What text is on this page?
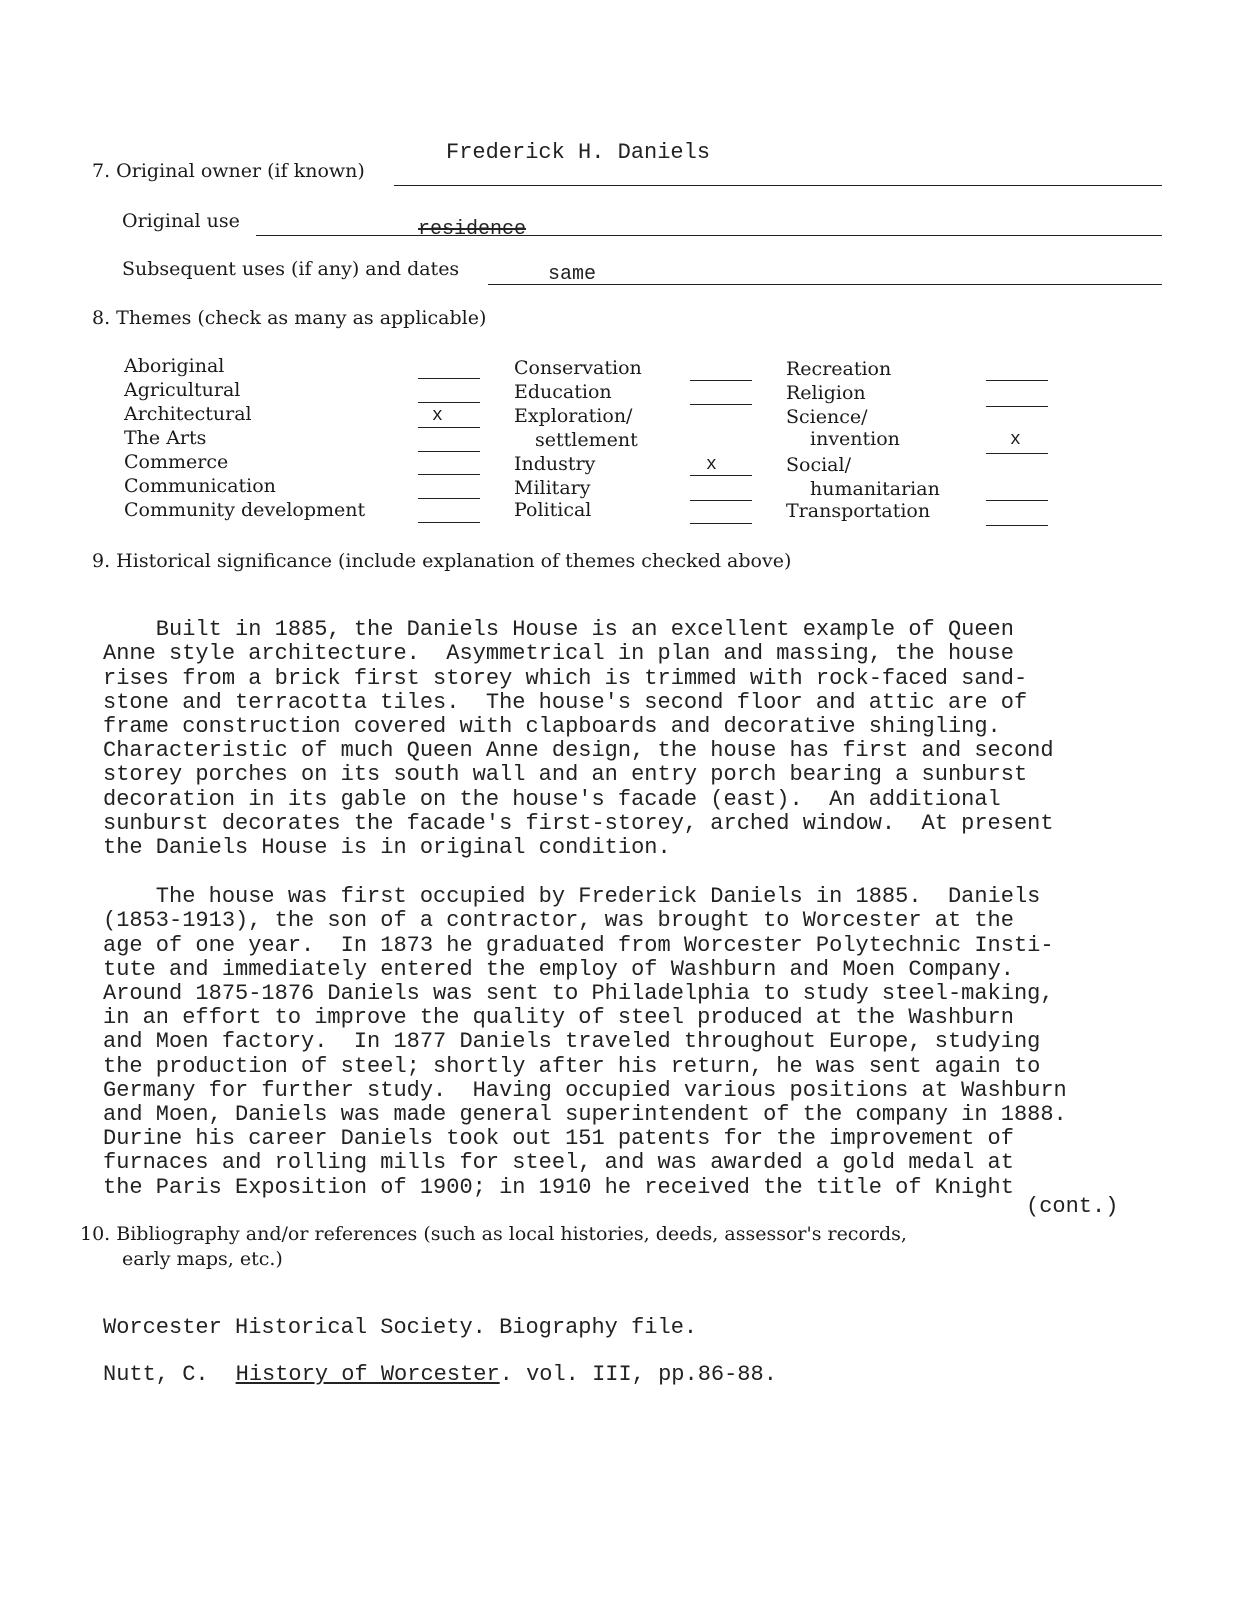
Frederick H. Daniels
7. Original owner (if known)
Original use	residence
Subsequent uses (if any) and dates	same
8. Themes (check as many as applicable)
Aboriginal
Agricultural
Architectural
The Arts
Commerce
Communication
Community development
x
Conservation
Education
Exploration/
settlement
Industry
Military
Political
x
Recreation
Religion
Science/
invention
Social/
humanitarian
Transportation
x
9. Historical significance (include explanation of themes checked above)

Built in 1885, the Daniels House is an excellent example of Queen
Anne style architecture.  Asymmetrical in plan and massing, the house
rises from a brick first storey which is trimmed with rock-faced sand-
stone and terracotta tiles.  The house's second floor and attic are of
frame construction covered with clapboards and decorative shingling.
Characteristic of much Queen Anne design, the house has first and second
storey porches on its south wall and an entry porch bearing a sunburst
decoration in its gable on the house's facade (east).  An additional
sunburst decorates the facade's first-storey, arched window.  At present
the Daniels House is in original condition.

The house was first occupied by Frederick Daniels in 1885.  Daniels
(1853-1913), the son of a contractor, was brought to Worcester at the
age of one year.  In 1873 he graduated from Worcester Polytechnic Insti-
tute and immediately entered the employ of Washburn and Moen Company.
Around 1875-1876 Daniels was sent to Philadelphia to study steel-making,
in an effort to improve the quality of steel produced at the Washburn
and Moen factory.  In 1877 Daniels traveled throughout Europe, studying
the production of steel; shortly after his return, he was sent again to
Germany for further study.  Having occupied various positions at Washburn
and Moen, Daniels was made general superintendent of the company in 1888.
Durine his career Daniels took out 151 patents for the improvement of
furnaces and rolling mills for steel, and was awarded a gold medal at
the Paris Exposition of 1900; in 1910 he received the title of Knight

(cont.)
10. Bibliography and/or references (such as local histories, deeds, assessor's records,
early maps, etc.)
Worcester Historical Society. Biography file.
Nutt, C. History of Worcester. vol. III, pp.86-88.
